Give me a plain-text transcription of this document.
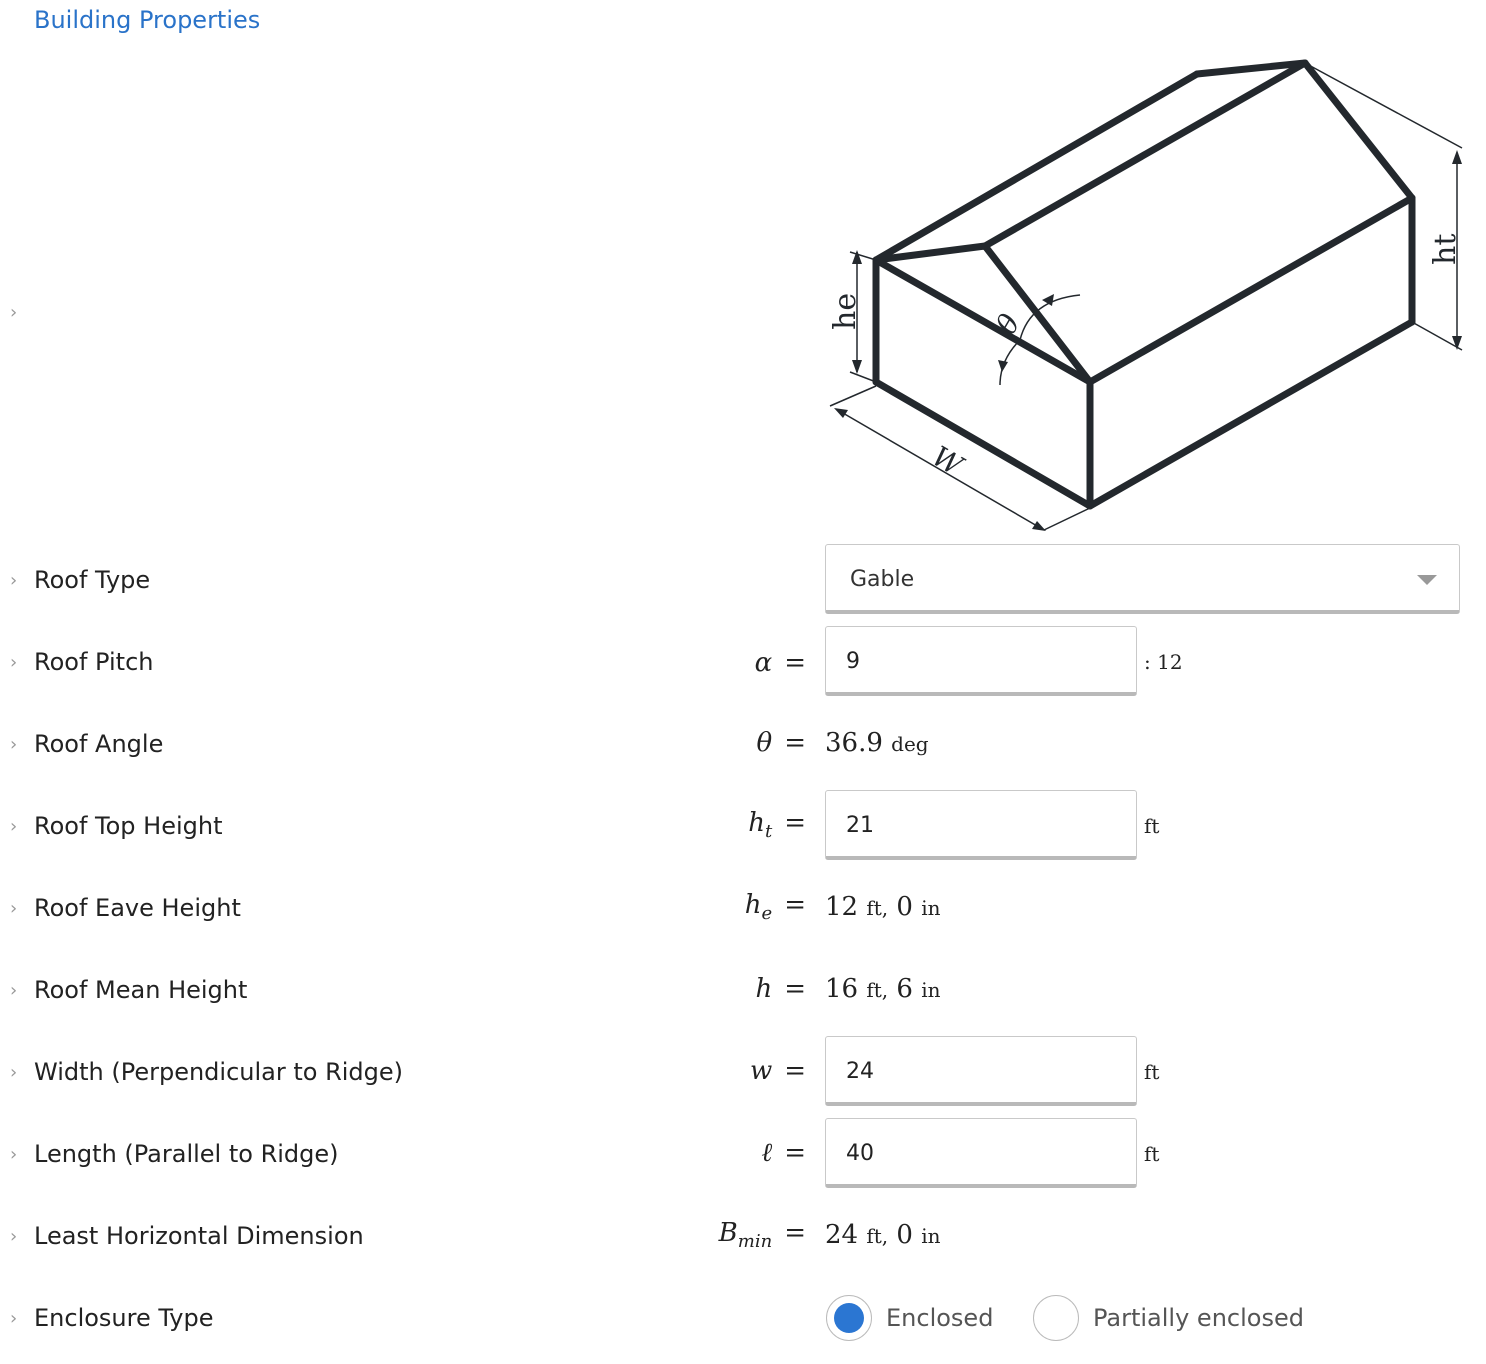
Building Properties
›	he
ht
W
θ
› Roof Type	Gable
› Roof Pitch	α =	9	: 12
› Roof Angle	θ = 36.9 deg
› Roof Top Height	$h_t$ =	21	ft
› Roof Eave Height	$h_e = 12$ ft, 0 in
› Roof Mean Height	h = 16 ft, 6 in
› Width (Perpendicular to Ridge)	w =	24	ft
› Length (Parallel to Ridge)	ℓ =	40	ft
› Least Horizontal Dimension	$B_{min} = 24$ ft, 0 in
› Enclosure Type	Enclosed	Partially enclosed
